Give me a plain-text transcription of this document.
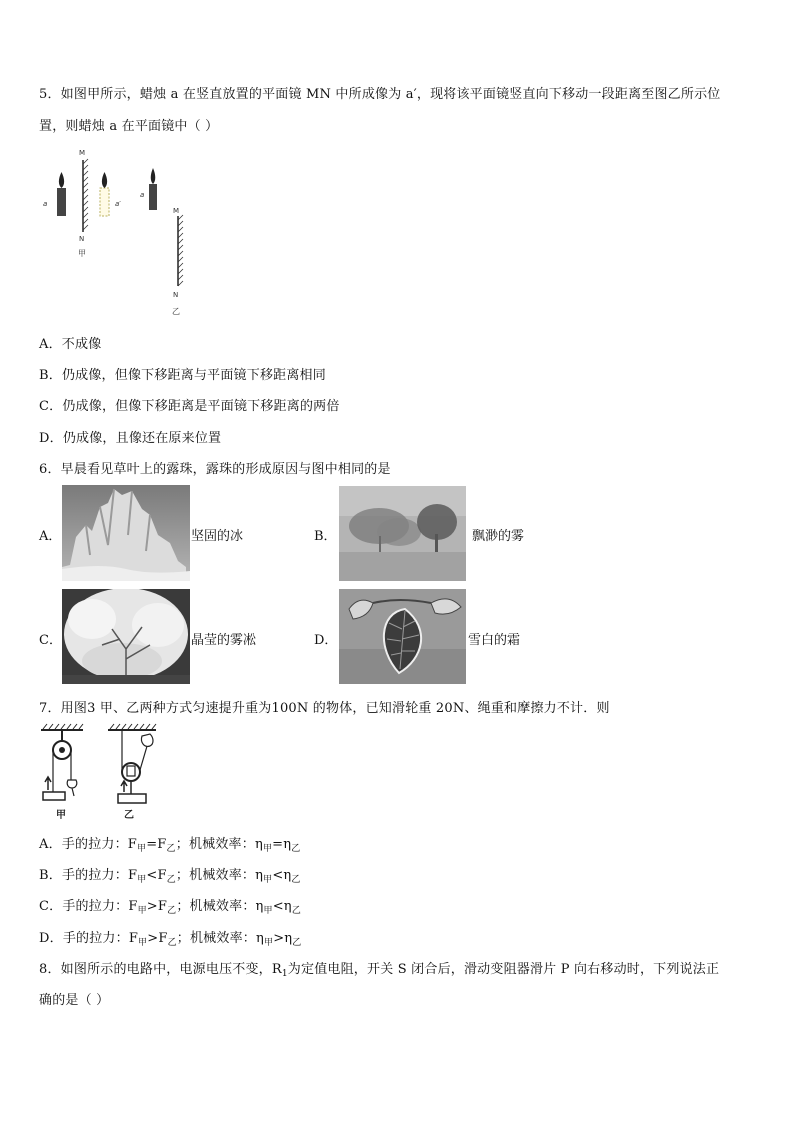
5．如图甲所示，蜡烛 a 在竖直放置的平面镜 MN 中所成像为 a′，现将该平面镜竖直向下移动一段距离至图乙所示位
置，则蜡烛 a 在平面镜中（ ）
a
M
N
甲
a′
a
M
N
乙
A．不成像
B．仍成像，但像下移距离与平面镜下移距离相同
C．仍成像，但像下移距离是平面镜下移距离的两倍
D．仍成像，且像还在原来位置
6．早晨看见草叶上的露珠，露珠的形成原因与图中相同的是
A．	坚固的冰	B．	飘渺的雾
C．	晶莹的雾凇	D．	雪白的霜
7．用图3 甲、乙两种方式匀速提升重为100N 的物体，已知滑轮重 20N、绳重和摩擦力不计．则
甲	乙
A．手的拉力：$F_甲=F_乙$；机械效率：$\eta_甲=\eta_乙$
B．手的拉力：$F_甲<F_乙$；机械效率：$\eta_甲<\eta_乙$
C．手的拉力：$F_甲>F_乙$；机械效率：$\eta_甲<\eta_乙$
D．手的拉力：$F_甲>F_乙$；机械效率：$\eta_甲>\eta_乙$
8．如图所示的电路中，电源电压不变，$R_1$为定值电阻，开关 S 闭合后，滑动变阻器滑片 P 向右移动时，下列说法正
确的是（ ）
